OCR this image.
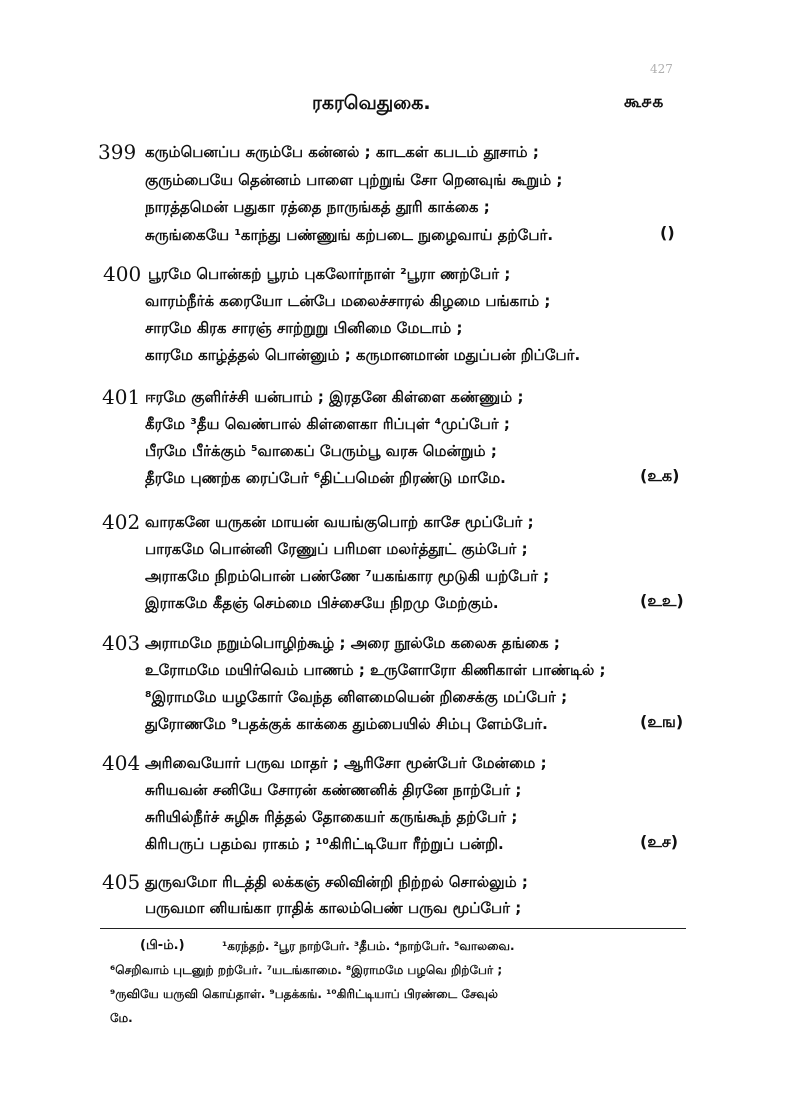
427
ரகரவெதுகை.	கூ௪௧
399 கரும்பெனப்ப சுரும்பே கன்னல் ; காடகள் கபடம் தூசாம் ;
குரும்பையே தென்னம் பாளை புற்றுங் சோ றெனவுங் கூறும் ;
நாரத்தமென் பதுகா ரத்தை நாருங்கத் தூரி காக்கை ;
சுருங்கையே ¹காந்து பண்ணுங் கற்படை நுழைவாய் தற்பேர்.	()
400 பூரமே பொன்கற் பூரம் புகலோர்நாள் ²பூரா ணற்பேர் ;
வாரம்நீர்க் கரையோ டன்பே மலைச்சாரல் கிழமை பங்காம் ;
சாரமே கிரக சாரஞ் சாற்றுறு பினிமை மேடாம் ;
காரமே காழ்த்தல் பொன்னும் ; கருமானமான் மதுப்பன் றிப்பேர்.
401 ஈரமே குளிர்ச்சி யன்பாம் ; இரதனே கிள்ளை கண்ணும் ;
கீரமே ³தீய வெண்பால் கிள்ளைகா ரிப்புள் ⁴முப்பேர் ;
பீரமே பீர்க்கும் ⁵வாகைப் பேரும்பூ வரசு மென்றும் ;
தீரமே புணற்க ரைப்பேர் ⁶திட்பமென் றிரண்டு மாமே.	(உக)
402 வாரகனே யருகன் மாயன் வயங்குபொற் காசே மூப்பேர் ;
பாரகமே பொன்னி ரேணுப் பரிமள மலர்த்தூட் கும்பேர் ;
அராகமே நிறம்பொன் பண்ணே ⁷யகங்கார மூடுகி யற்பேர் ;
இராகமே கீதஞ் செம்மை பிச்சையே நிறமு மேற்கும்.	(உஉ)
403 அராமமே நறும்பொழிற்கூழ் ; அரை நூல்மே கலைசு தங்கை ;
உரோமமே மயிர்வெம் பாணம் ; உருளோரோ கிணிகாள் பாண்டில் ;
⁸இராமமே யழகோர் வேந்த னிளமையென் றிசைக்கு மப்பேர் ;
துரோணமே ⁹பதக்குக் காக்கை தும்பையில் சிம்பு ளேம்பேர்.	(உங)
404 அரிவையோர் பருவ மாதர் ; ஆரிசோ மூன்பேர் மேன்மை ;
சுரியவன் சனியே சோரன் கண்ணனிக் திரனே நாற்பேர் ;
சுரியில்நீர்ச் சுழிசு ரித்தல் தோகையர் கருங்கூந் தற்பேர் ;
கிரிபருப் பதம்வ ராகம் ; ¹⁰கிரிட்டியோ ரீற்றுப் பன்றி.	(உச)
405 துருவமோ ரிடத்தி லக்கஞ் சலிவின்றி நிற்றல் சொல்லும் ;
பருவமா னியங்கா ராதிக் காலம்பெண் பருவ மூப்பேர் ;
(பி-ம்.)	¹கரந்தற். ²பூர நாற்பேர். ³தீபம். ⁴நாற்பேர். ⁵வாலவை.
⁶செறிவாம் புடனுற் றற்பேர். ⁷யடங்காமை. ⁸இராமமே பழவெ றிற்பேர் ;
⁹ருவியே யருவி கொய்தாள். ⁹பதக்கங். ¹⁰கிரிட்டியாப் பிரண்டை சேவுல்
மே.
